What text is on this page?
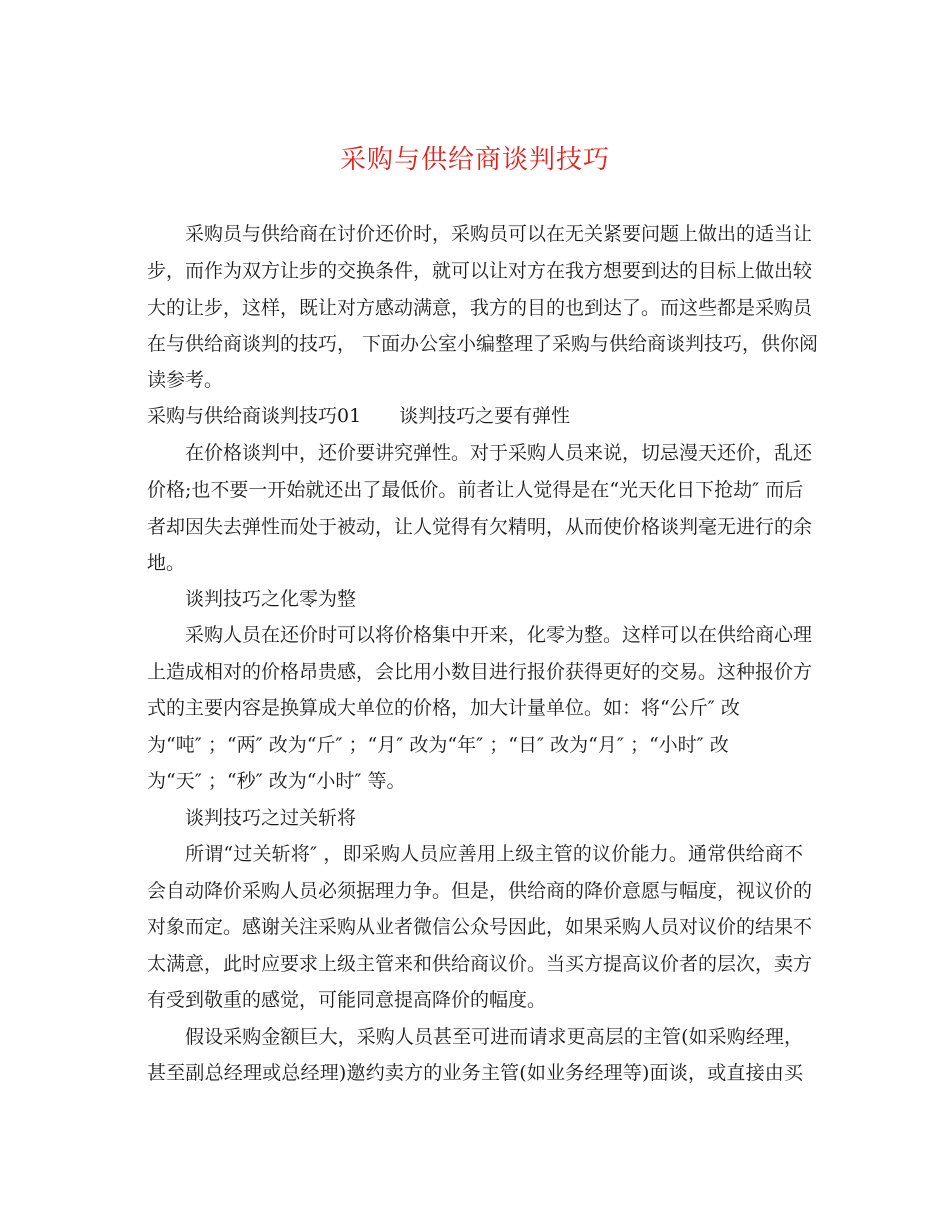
采购与供给商谈判技巧
采购员与供给商在讨价还价时，采购员可以在无关紧要问题上做出的适当让
步，而作为双方让步的交换条件，就可以让对方在我方想要到达的目标上做出较
大的让步，这样，既让对方感动满意，我方的目的也到达了。而这些都是采购员
在与供给商谈判的技巧， 下面办公室小编整理了采购与供给商谈判技巧，供你阅
读参考。
采购与供给商谈判技巧01　　谈判技巧之要有弹性
在价格谈判中，还价要讲究弹性。对于采购人员来说，切忌漫天还价，乱还
价格;也不要一开始就还出了最低价。前者让人觉得是在“光天化日下抢劫″ 而后
者却因失去弹性而处于被动，让人觉得有欠精明，从而使价格谈判毫无进行的余
地。
谈判技巧之化零为整
采购人员在还价时可以将价格集中开来，化零为整。这样可以在供给商心理
上造成相对的价格昂贵感，会比用小数目进行报价获得更好的交易。这种报价方
式的主要内容是换算成大单位的价格，加大计量单位。如：将“公斤″ 改
为“吨″ ；“两″ 改为“斤″ ；“月″ 改为“年″ ；“日″ 改为“月″ ；“小时″ 改
为“天″ ；“秒″ 改为“小时″ 等。
谈判技巧之过关斩将
所谓“过关斩将″ ，即采购人员应善用上级主管的议价能力。通常供给商不
会自动降价采购人员必须据理力争。但是，供给商的降价意愿与幅度，视议价的
对象而定。感谢关注采购从业者微信公众号因此，如果采购人员对议价的结果不
太满意，此时应要求上级主管来和供给商议价。当买方提高议价者的层次，卖方
有受到敬重的感觉，可能同意提高降价的幅度。
假设采购金额巨大，采购人员甚至可进而请求更高层的主管(如采购经理，
甚至副总经理或总经理)邀约卖方的业务主管(如业务经理等)面谈，或直接由买
